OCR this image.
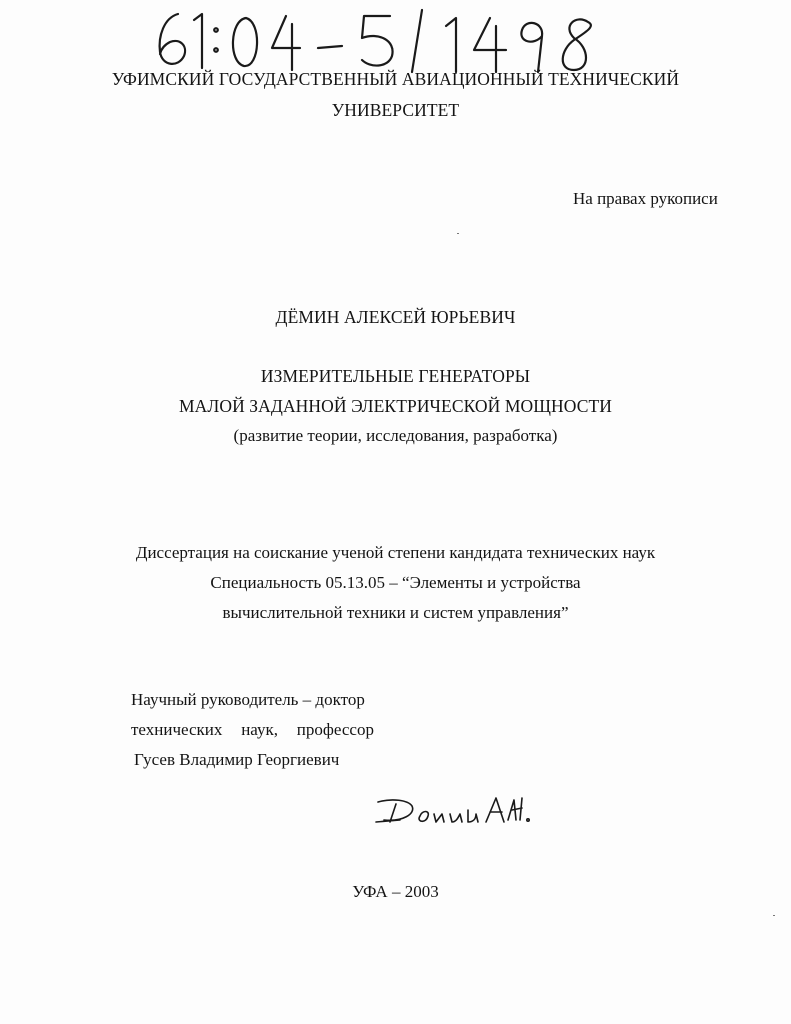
УФИМСКИЙ ГОСУДАРСТВЕННЫЙ АВИАЦИОННЫЙ ТЕХНИЧЕСКИЙ
УНИВЕРСИТЕТ
На правах рукописи
ДЁМИН АЛЕКСЕЙ ЮРЬЕВИЧ
ИЗМЕРИТЕЛЬНЫЕ ГЕНЕРАТОРЫ
МАЛОЙ ЗАДАННОЙ ЭЛЕКТРИЧЕСКОЙ МОЩНОСТИ
(развитие теории, исследования, разработка)
Диссертация на соискание ученой степени кандидата технических наук
Специальность 05.13.05 – “Элементы и устройства
вычислительной техники и систем управления”
Научный руководитель – доктор
технических наук, профессор
Гусев Владимир Георгиевич
УФА – 2003
